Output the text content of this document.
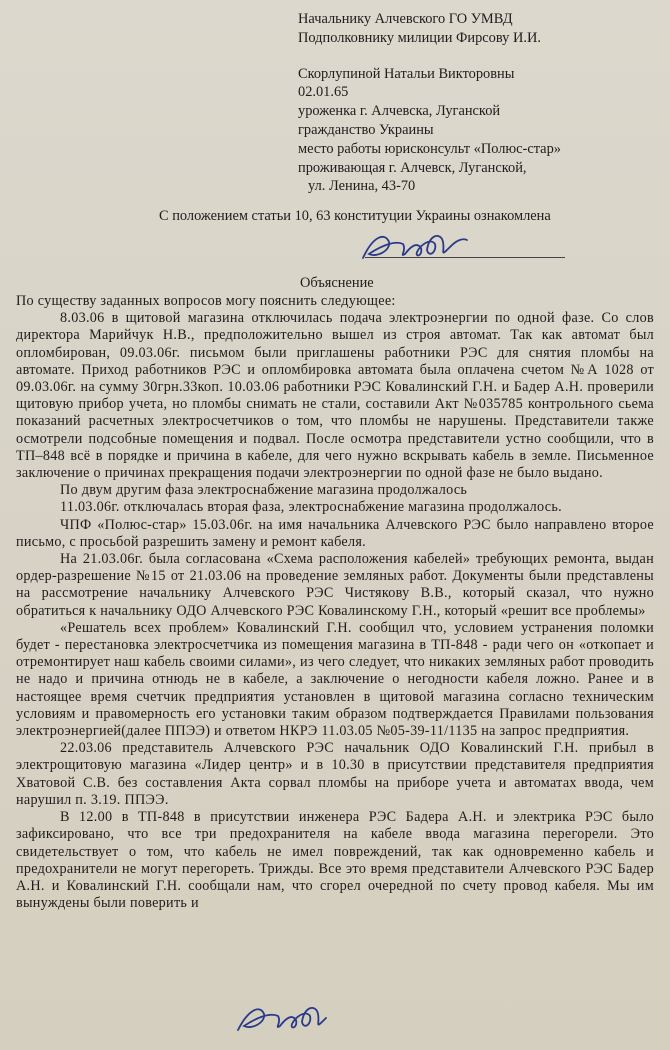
Начальнику Алчевского ГО УМВД
Подполковнику милиции Фирсову И.И.
Скорлупиной Натальи Викторовны
02.01.65
уроженка г. Алчевска, Луганской
гражданство Украины
место работы юрисконсульт «Полюс-стар»
проживающая г. Алчевск, Луганской,
ул. Ленина, 43-70
С положением статьи 10, 63 конституции Украины ознакомлена
Объяснение

По существу заданных вопросов могу пояснить следующее:

8.03.06 в щитовой магазина отключилась подача электроэнергии по одной фазе. Со слов директора Марийчук Н.В., предположительно вышел из строя автомат. Так как автомат был опломбирован, 09.03.06г. письмом были приглашены работники РЭС для снятия пломбы на автомате. Приход работников РЭС и опломбировка автомата была оплачена счетом №А 1028 от 09.03.06г. на сумму 30грн.33коп. 10.03.06 работники РЭС Ковалинский Г.Н. и Бадер А.Н. проверили щитовую прибор учета, но пломбы снимать не стали, составили Акт №035785 контрольного сьема показаний расчетных электросчетчиков о том, что пломбы не нарушены. Представители также осмотрели подсобные помещения и подвал. После осмотра представители устно сообщили, что в ТП–848 всё в порядке и причина в кабеле, для чего нужно вскрывать кабель в земле. Письменное заключение о причинах прекращения подачи электроэнергии по одной фазе не было выдано.

По двум другим фаза электроснабжение магазина продолжалось

11.03.06г. отключалась вторая фаза, электроснабжение магазина продолжалось.

ЧПФ «Полюс-стар» 15.03.06г. на имя начальника Алчевского РЭС было направлено второе письмо, с просьбой разрешить замену и ремонт кабеля.

На 21.03.06г. была согласована «Схема расположения кабелей» требующих ремонта, выдан ордер-разрешение №15 от 21.03.06 на проведение земляных работ. Документы были представлены на рассмотрение начальнику Алчевского РЭС Чистякову В.В., который сказал, что нужно обратиться к начальнику ОДО Алчевского РЭС Ковалинскому Г.Н., который «решит все проблемы»

«Решатель всех проблем» Ковалинский Г.Н. сообщил что, условием устранения поломки будет - перестановка электросчетчика из помещения магазина в ТП-848 - ради чего он «откопает и отремонтирует наш кабель своими силами», из чего следует, что никаких земляных работ проводить не надо и причина отнюдь не в кабеле, а заключение о негодности кабеля ложно. Ранее и в настоящее время счетчик предприятия установлен в щитовой магазина согласно техническим условиям и правомерность его установки таким образом подтверждается Правилами пользования электроэнергией(далее ППЭЭ) и ответом НКРЭ 11.03.05 №05-39-11/1135 на запрос предприятия.

22.03.06 представитель Алчевского РЭС начальник ОДО Ковалинский Г.Н. прибыл в электрощитовую магазина «Лидер центр» и в 10.30 в присутствии представителя предприятия Хватовой С.В. без составления Акта сорвал пломбы на приборе учета и автоматах ввода, чем нарушил п. 3.19. ППЭЭ.

В 12.00 в ТП-848 в присутствии инженера РЭС Бадера А.Н. и электрика РЭС было зафиксировано, что все три предохранителя на кабеле ввода магазина перегорели. Это свидетельствует о том, что кабель не имел повреждений, так как одновременно кабель и предохранители не могут перегореть. Трижды. Все это время представители Алчевского РЭС Бадер А.Н. и Ковалинский Г.Н. сообщали нам, что сгорел очередной по счету провод кабеля. Мы им вынуждены были поверить и
